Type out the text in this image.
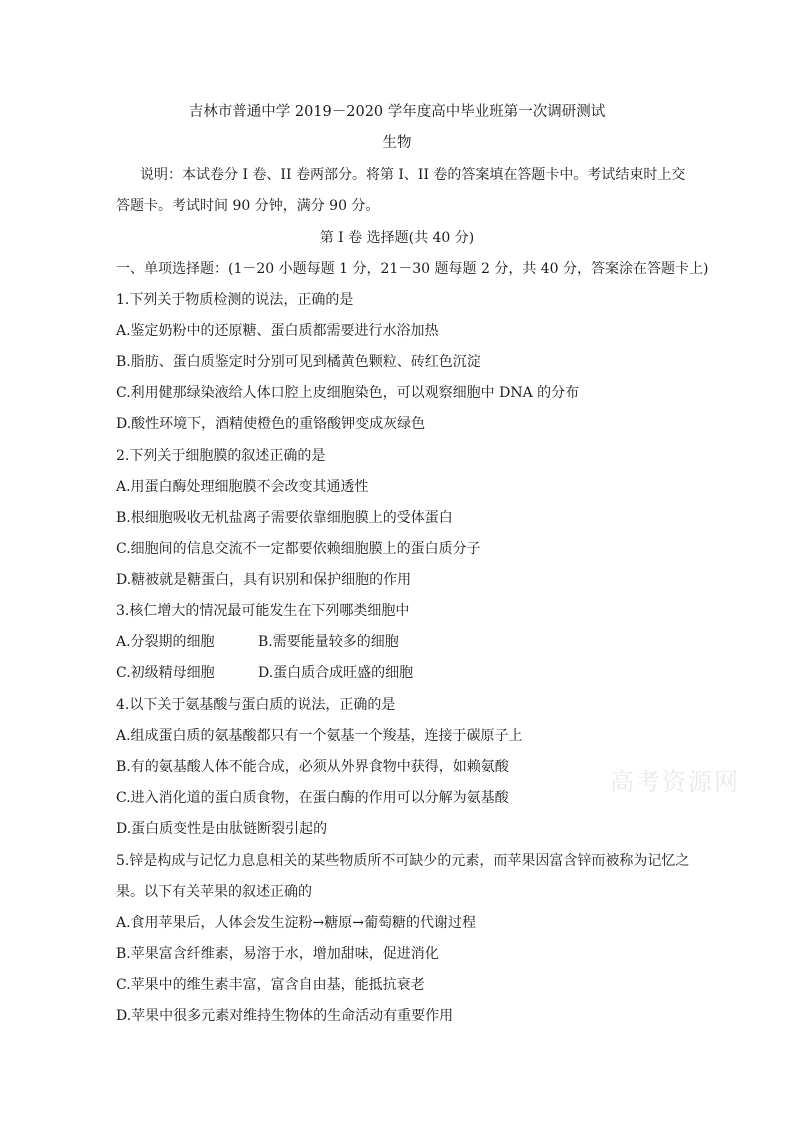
吉林市普通中学 2019－2020 学年度高中毕业班第一次调研测试
生物
说明：本试卷分 I 卷、II 卷两部分。将第 I、II 卷的答案填在答题卡中。考试结束时上交
答题卡。考试时间 90 分钟，满分 90 分。
第 I 卷 选择题(共 40 分)
一、单项选择题：(1－20 小题每题 1 分，21－30 题每题 2 分，共 40 分，答案涂在答题卡上)
1.下列关于物质检测的说法，正确的是
A.鉴定奶粉中的还原糖、蛋白质都需要进行水浴加热
B.脂肪、蛋白质鉴定时分别可见到橘黄色颗粒、砖红色沉淀
C.利用健那绿染液给人体口腔上皮细胞染色，可以观察细胞中 DNA 的分布
D.酸性环境下，酒精使橙色的重铬酸钾变成灰绿色
2.下列关于细胞膜的叙述正确的是
A.用蛋白酶处理细胞膜不会改变其通透性
B.根细胞吸收无机盐离子需要依靠细胞膜上的受体蛋白
C.细胞间的信息交流不一定都要依赖细胞膜上的蛋白质分子
D.糖被就是糖蛋白，具有识别和保护细胞的作用
3.核仁增大的情况最可能发生在下列哪类细胞中
A.分裂期的细胞	B.需要能量较多的细胞
C.初级精母细胞	D.蛋白质合成旺盛的细胞
4.以下关于氨基酸与蛋白质的说法，正确的是
A.组成蛋白质的氨基酸都只有一个氨基一个羧基，连接于碳原子上
B.有的氨基酸人体不能合成，必须从外界食物中获得，如赖氨酸
C.进入消化道的蛋白质食物，在蛋白酶的作用可以分解为氨基酸
D.蛋白质变性是由肽链断裂引起的
5.锌是构成与记忆力息息相关的某些物质所不可缺少的元素，而苹果因富含锌而被称为记忆之
果。以下有关苹果的叙述正确的
A.食用苹果后，人体会发生淀粉→糖原→葡萄糖的代谢过程
B.苹果富含纤维素，易溶于水，增加甜味，促进消化
C.苹果中的维生素丰富，富含自由基，能抵抗衰老
D.苹果中很多元素对维持生物体的生命活动有重要作用
高考资源网
